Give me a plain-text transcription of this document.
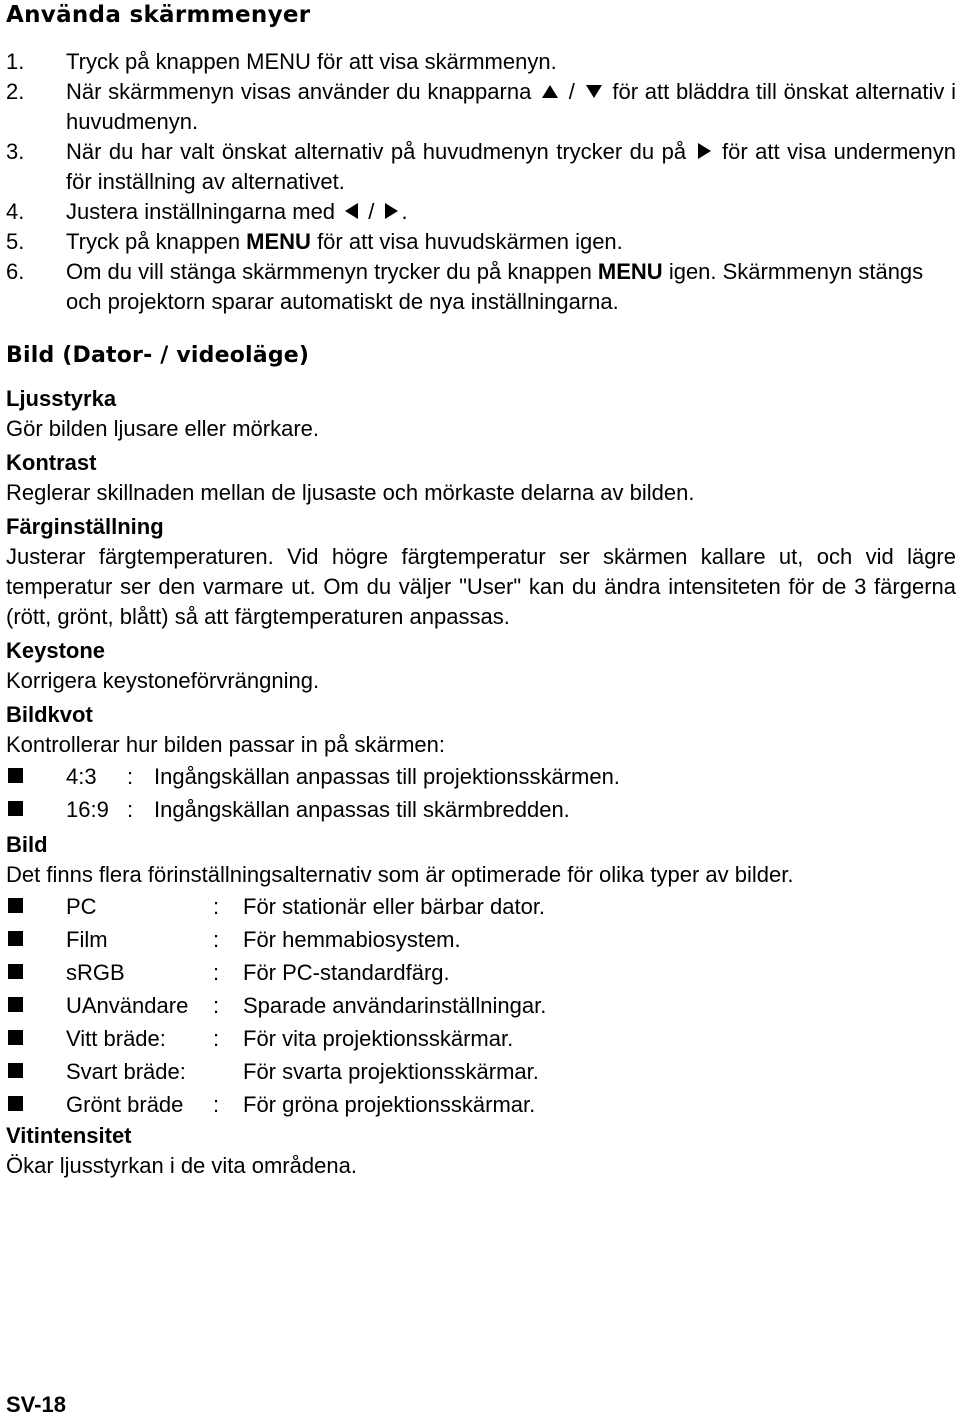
Använda skärmmenyer
1. Tryck på knappen MENU för att visa skärmmenyn.
2. När skärmmenyn visas använder du knapparna  /  för att bläddra till önskat alternativ i huvudmenyn.
3. När du har valt önskat alternativ på huvudmenyn trycker du på  för att visa undermenyn för inställning av alternativet.
4. Justera inställningarna med  / .
5. Tryck på knappen MENU för att visa huvudskärmen igen.
6. Om du vill stänga skärmmenyn trycker du på knappen MENU igen. Skärmmenyn stängs och projektorn sparar automatiskt de nya inställningarna.
Bild (Dator- / videoläge)

Ljusstyrka

Gör bilden ljusare eller mörkare.

Kontrast

Reglerar skillnaden mellan de ljusaste och mörkaste delarna av bilden.

Färginställning

Justerar färgtemperaturen. Vid högre färgtemperatur ser skärmen kallare ut, och vid lägre temperatur ser den varmare ut. Om du väljer "User" kan du ändra intensiteten för de 3 färgerna (rött, grönt, blått) så att färgtemperaturen anpassas.

Keystone

Korrigera keystoneförvrängning.

Bildkvot

Kontrollerar hur bilden passar in på skärmen:

4:3 : Ingångskällan anpassas till projektionsskärmen.
16:9 : Ingångskällan anpassas till skärmbredden.

Bild

Det finns flera förinställningsalternativ som är optimerade för olika typer av bilder.

PC	: För stationär eller bärbar dator.
Film	: För hemmabiosystem.
sRGB	: För PC-standardfärg.
UAnvändare : Sparade användarinställningar.
Vitt bräde: : För vita projektionsskärmar.
Svart bräde:	För svarta projektionsskärmar.
Grönt bräde : För gröna projektionsskärmar.

Vitintensitet

Ökar ljusstyrkan i de vita områdena.

SV-18
